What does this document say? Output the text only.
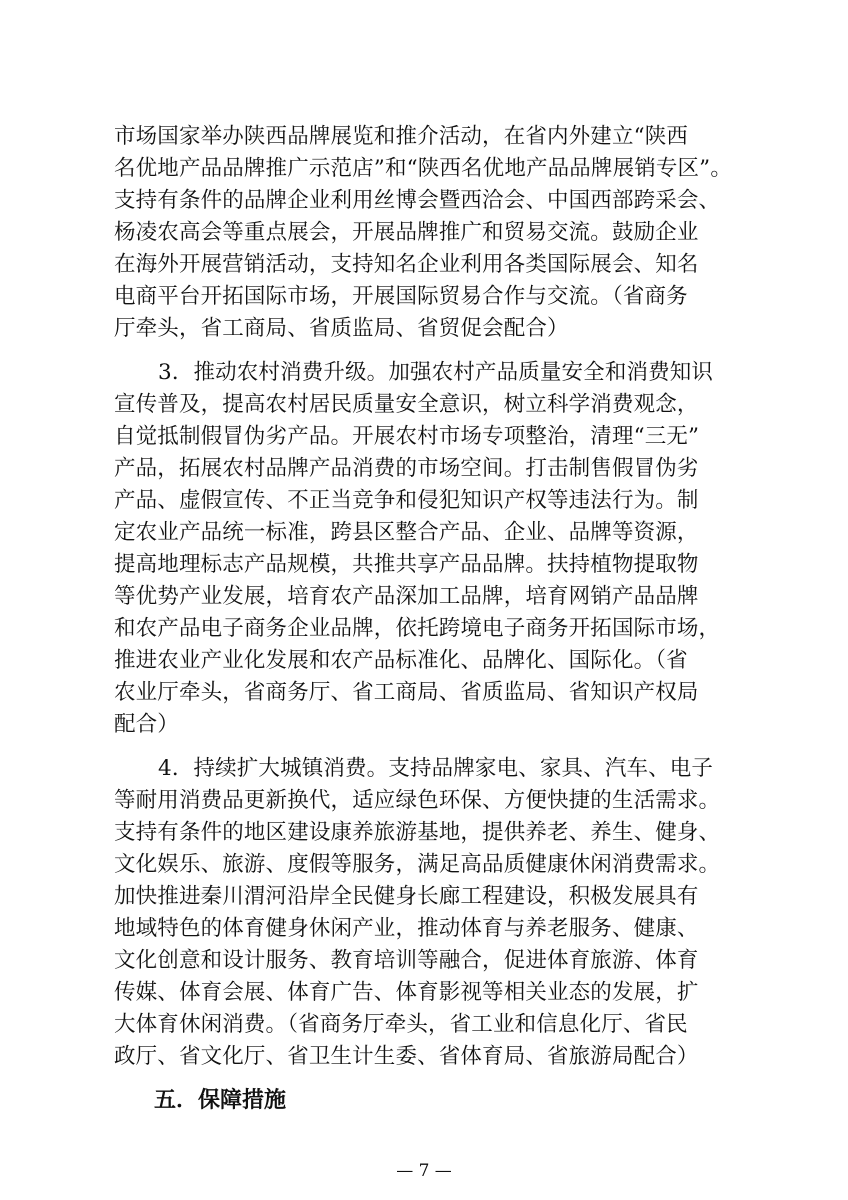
市场国家举办陕西品牌展览和推介活动，在省内外建立“陕西
名优地产品品牌推广示范店”和“陕西名优地产品品牌展销专区”。
支持有条件的品牌企业利用丝博会暨西洽会、中国西部跨采会、
杨凌农高会等重点展会，开展品牌推广和贸易交流。鼓励企业
在海外开展营销活动，支持知名企业利用各类国际展会、知名
电商平台开拓国际市场，开展国际贸易合作与交流。（省商务
厅牵头，省工商局、省质监局、省贸促会配合）
3．推动农村消费升级。加强农村产品质量安全和消费知识
宣传普及，提高农村居民质量安全意识，树立科学消费观念，
自觉抵制假冒伪劣产品。开展农村市场专项整治，清理“三无”
产品，拓展农村品牌产品消费的市场空间。打击制售假冒伪劣
产品、虚假宣传、不正当竞争和侵犯知识产权等违法行为。制
定农业产品统一标准，跨县区整合产品、企业、品牌等资源，
提高地理标志产品规模，共推共享产品品牌。扶持植物提取物
等优势产业发展，培育农产品深加工品牌，培育网销产品品牌
和农产品电子商务企业品牌，依托跨境电子商务开拓国际市场，
推进农业产业化发展和农产品标准化、品牌化、国际化。（省
农业厅牵头，省商务厅、省工商局、省质监局、省知识产权局
配合）
4．持续扩大城镇消费。支持品牌家电、家具、汽车、电子
等耐用消费品更新换代，适应绿色环保、方便快捷的生活需求。
支持有条件的地区建设康养旅游基地，提供养老、养生、健身、
文化娱乐、旅游、度假等服务，满足高品质健康休闲消费需求。
加快推进秦川渭河沿岸全民健身长廊工程建设，积极发展具有
地域特色的体育健身休闲产业，推动体育与养老服务、健康、
文化创意和设计服务、教育培训等融合，促进体育旅游、体育
传媒、体育会展、体育广告、体育影视等相关业态的发展，扩
大体育休闲消费。（省商务厅牵头，省工业和信息化厅、省民
政厅、省文化厅、省卫生计生委、省体育局、省旅游局配合）
五．保障措施
— 7 —
